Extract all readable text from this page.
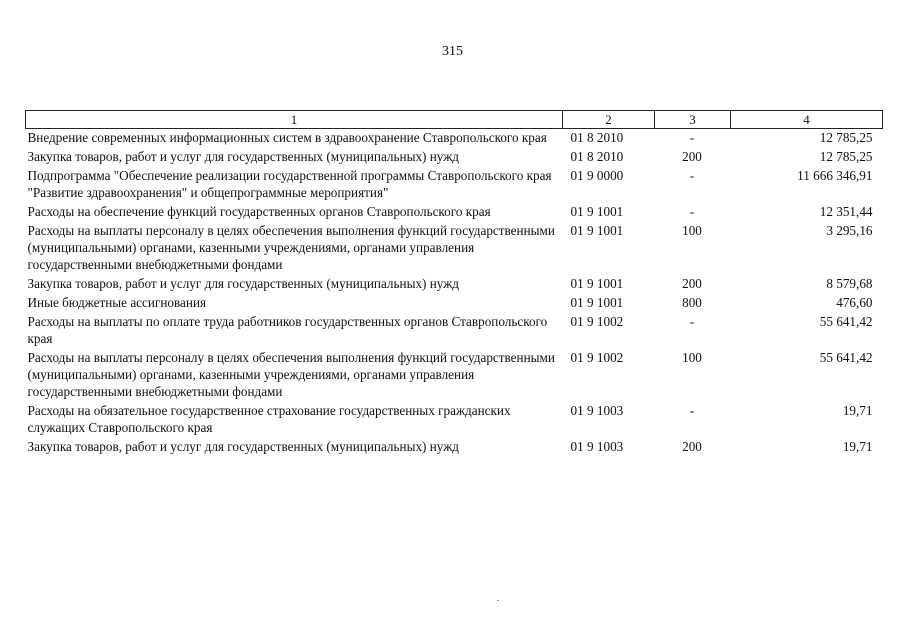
315
1	2	3	4
Внедрение современных информационных систем в здравоохранение Ставропольского края	01 8 2010	-	12 785,25
Закупка товаров, работ и услуг для государственных (муниципальных) нужд	01 8 2010	200	12 785,25
Подпрограмма "Обеспечение реализации государственной программы Ставропольского края "Развитие здравоохранения" и общепрограммные мероприятия"	01 9 0000	-	11 666 346,91
Расходы на обеспечение функций государственных органов Ставропольского края	01 9 1001	-	12 351,44
Расходы на выплаты персоналу в целях обеспечения выполнения функций государственными (муниципальными) органами, казенными учреждениями, органами управления государственными внебюджетными фондами	01 9 1001	100	3 295,16
Закупка товаров, работ и услуг для государственных (муниципальных) нужд	01 9 1001	200	8 579,68
Иные бюджетные ассигнования	01 9 1001	800	476,60
Расходы на выплаты по оплате труда работников государственных органов Ставропольского края	01 9 1002	-	55 641,42
Расходы на выплаты персоналу в целях обеспечения выполнения функций государственными (муниципальными) органами, казенными учреждениями, органами управления государственными внебюджетными фондами	01 9 1002	100	55 641,42
Расходы на обязательное государственное страхование государственных гражданских служащих Ставропольского края	01 9 1003	-	19,71
Закупка товаров, работ и услуг для государственных (муниципальных) нужд	01 9 1003	200	19,71
